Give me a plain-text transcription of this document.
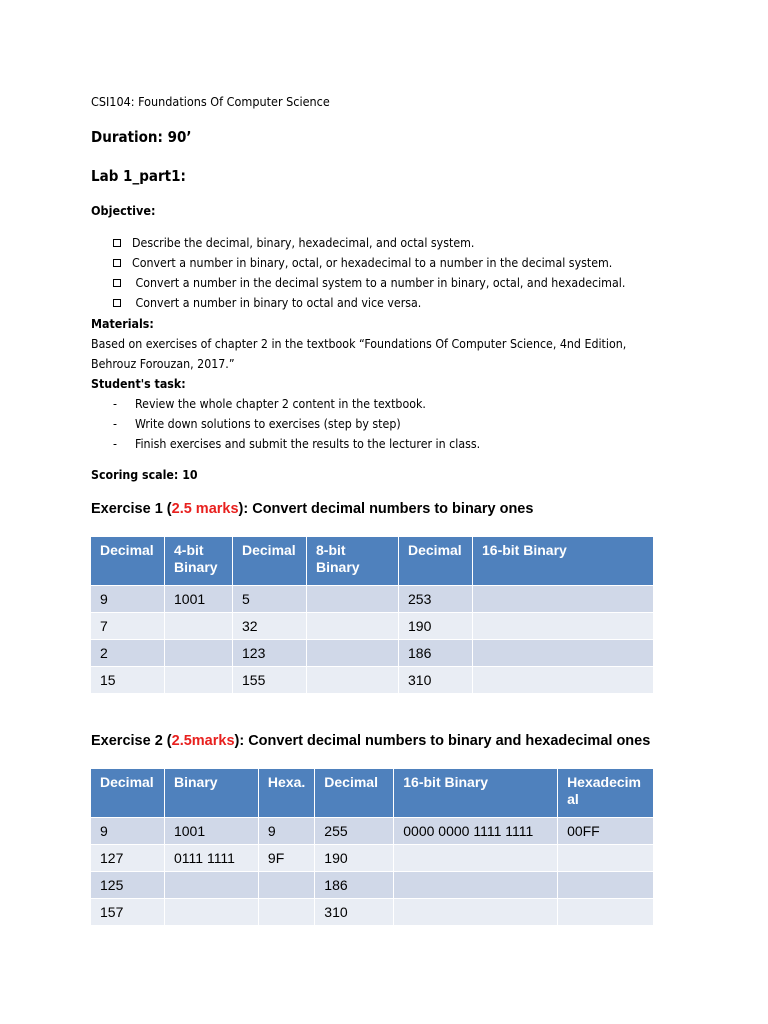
CSI104: Foundations Of Computer Science
Duration: 90’
Lab 1_part1:
Objective:
Describe the decimal, binary, hexadecimal, and octal system.
Convert a number in binary, octal, or hexadecimal to a number in the decimal system.
Convert a number in the decimal system to a number in binary, octal, and hexadecimal.
Convert a number in binary to octal and vice versa.
Materials:
Based on exercises of chapter 2 in the textbook “Foundations Of Computer Science, 4nd Edition,
Behrouz Forouzan, 2017.”
Student's task:
- Review the whole chapter 2 content in the textbook.
- Write down solutions to exercises (step by step)
- Finish exercises and submit the results to the lecturer in class.
Scoring scale: 10
Exercise 1 (2.5 marks): Convert decimal numbers to binary ones
Decimal	4-bit Binary	Decimal	8-bit Binary	Decimal	16-bit Binary
9	1001	5		253	
7		32		190	
2		123		186	
15		155		310	
Exercise 2 (2.5marks): Convert decimal numbers to binary and hexadecimal ones
Decimal	Binary	Hexa.	Decimal	16-bit Binary	Hexadecimal
9	1001	9	255	0000 0000 1111 1111	00FF
127	0111 1111	9F	190		
125			186		
157			310		
